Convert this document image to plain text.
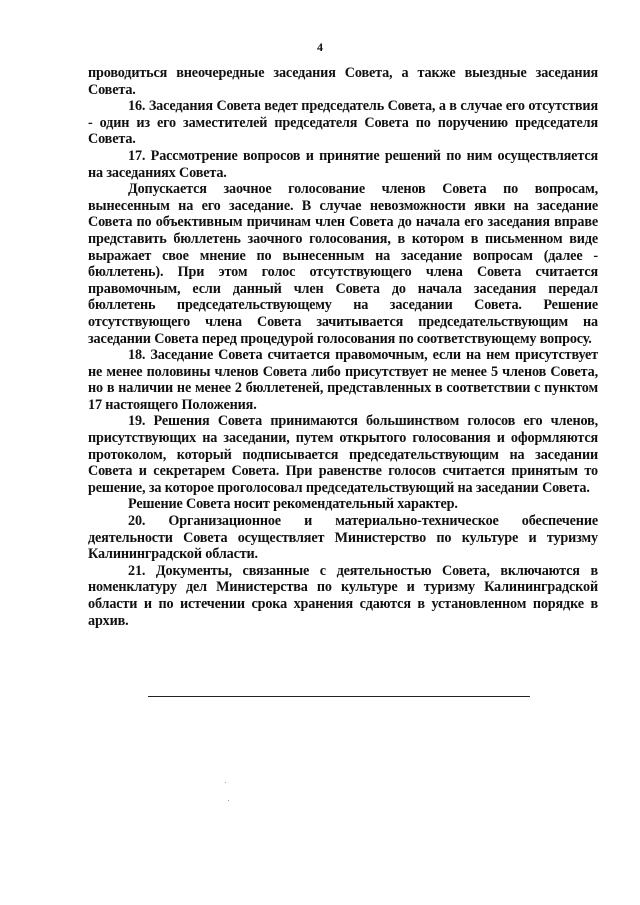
4

проводиться внеочередные заседания Совета, а также выездные заседания Совета.

16. Заседания Совета ведет председатель Совета, а в случае его отсутствия - один из его заместителей председателя Совета по поручению председателя Совета.

17. Рассмотрение вопросов и принятие решений по ним осуществляется на заседаниях Совета.

Допускается заочное голосование членов Совета по вопросам, вынесенным на его заседание. В случае невозможности явки на заседание Совета по объективным причинам член Совета до начала его заседания вправе представить бюллетень заочного голосования, в котором в письменном виде выражает свое мнение по вынесенным на заседание вопросам (далее - бюллетень). При этом голос отсутствующего члена Совета считается правомочным, если данный член Совета до начала заседания передал бюллетень председательствующему на заседании Совета. Решение отсутствующего члена Совета зачитывается председательствующим на заседании Совета перед процедурой голосования по соответствующему вопросу.

18. Заседание Совета считается правомочным, если на нем присутствует не менее половины членов Совета либо присутствует не менее 5 членов Совета, но в наличии не менее 2 бюллетеней, представленных в соответствии с пунктом 17 настоящего Положения.

19. Решения Совета принимаются большинством голосов его членов, присутствующих на заседании, путем открытого голосования и оформляются протоколом, который подписывается председательствующим на заседании Совета и секретарем Совета. При равенстве голосов считается принятым то решение, за которое проголосовал председательствующий на заседании Совета.

Решение Совета носит рекомендательный характер.

20. Организационное и материально-техническое обеспечение деятельности Совета осуществляет Министерство по культуре и туризму Калининградской области.

21. Документы, связанные с деятельностью Совета, включаются в номенклатуру дел Министерства по культуре и туризму Калининградской области и по истечении срока хранения сдаются в установленном порядке в архив.
